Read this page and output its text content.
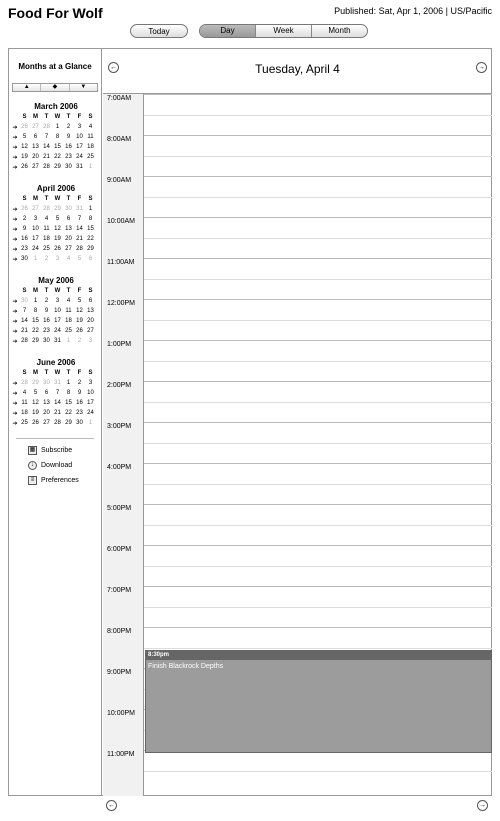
Food For Wolf	Published: Sat, Apr 1, 2006 | US/Pacific
Today	Day	Week	Month
Months at a Glance
▲	◆	▼
March 2006
	S	M	T	W	T	F	S
➔	26	27	28	1	2	3	4
➔	5	6	7	8	9	10	11
➔	12	13	14	15	16	17	18
➔	19	20	21	22	23	24	25
➔	26	27	28	29	30	31	1
April 2006
	S	M	T	W	T	F	S
➔	26	27	28	29	30	31	1
➔	2	3	4	5	6	7	8
➔	9	10	11	12	13	14	15
➔	16	17	18	19	20	21	22
➔	23	24	25	26	27	28	29
➔	30	1	2	3	4	5	6
May 2006
	S	M	T	W	T	F	S
➔	30	1	2	3	4	5	6
➔	7	8	9	10	11	12	13
➔	14	15	16	17	18	19	20
➔	21	22	23	24	25	26	27
➔	28	29	30	31	1	2	3
June 2006
	S	M	T	W	T	F	S
➔	28	29	30	31	1	2	3
➔	4	5	6	7	8	9	10
➔	11	12	13	14	15	16	17
➔	18	19	20	21	22	23	24
➔	25	26	27	28	29	30	1
▦ Subscribe
↓	Download
≡ Preferences
Tuesday, April 4
←	→
7:00AM
8:00AM
9:00AM
10:00AM
11:00AM
12:00PM
1:00PM
2:00PM
3:00PM
4:00PM
5:00PM
6:00PM
7:00PM
8:00PM
9:00PM
10:00PM
11:00PM
8:30pm
Finish Blackrock Depths
←	→
